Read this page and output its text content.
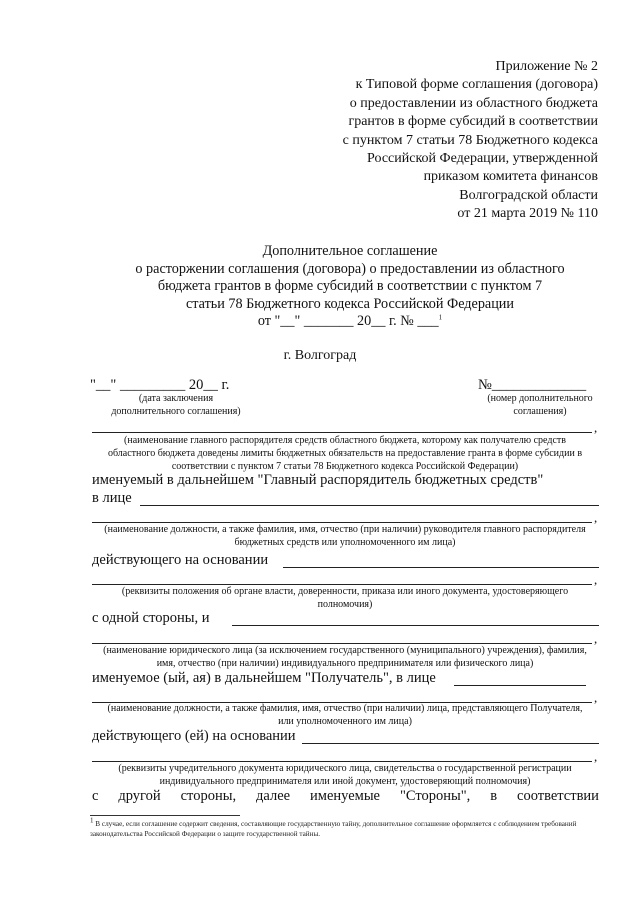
Приложение № 2
к Типовой форме соглашения (договора)
о предоставлении из областного бюджета
грантов в форме субсидий в соответствии
с пунктом 7 статьи 78 Бюджетного кодекса
Российской Федерации, утвержденной
приказом комитета финансов
Волгоградской области
от 21 марта 2019 № 110
Дополнительное соглашение
о расторжении соглашения (договора) о предоставлении из областного
бюджета грантов в форме субсидий в соответствии с пунктом 7
статьи 78 Бюджетного кодекса Российской Федерации
от "__" _______ 20__ г. № ___$^1$
г. Волгоград
"__" _________ 20__ г.
(дата заключения
дополнительного соглашения)
№_____________
(номер дополнительного
соглашения)
,
(наименование главного распорядителя средств областного бюджета, которому как получателю средств областного бюджета доведены лимиты бюджетных обязательств на предоставление гранта в форме субсидии в соответствии с пунктом 7 статьи 78 Бюджетного кодекса Российской Федерации)
именуемый в дальнейшем "Главный распорядитель бюджетных средств"
в лице
,
(наименование должности, а также фамилия, имя, отчество (при наличии) руководителя главного распорядителя бюджетных средств или уполномоченного им лица)
действующего на основании
,
(реквизиты положения об органе власти, доверенности, приказа или иного документа, удостоверяющего полномочия)
с одной стороны, и
,
(наименование юридического лица (за исключением государственного (муниципального) учреждения), фамилия, имя, отчество (при наличии) индивидуального предпринимателя или физического лица)
именуемое (ый, ая) в дальнейшем "Получатель", в лице
,
(наименование должности, а также фамилия, имя, отчество (при наличии) лица, представляющего Получателя, или уполномоченного им лица)
действующего (ей) на основании
,
(реквизиты учредительного документа юридического лица, свидетельства о государственной регистрации индивидуального предпринимателя или иной документ, удостоверяющий полномочия)
с другой стороны, далее именуемые "Стороны", в соответствии
$^1$ В случае, если соглашение содержит сведения, составляющие государственную тайну, дополнительное соглашение оформляется с соблюдением требований законодательства Российской Федерации о защите государственной тайны.
